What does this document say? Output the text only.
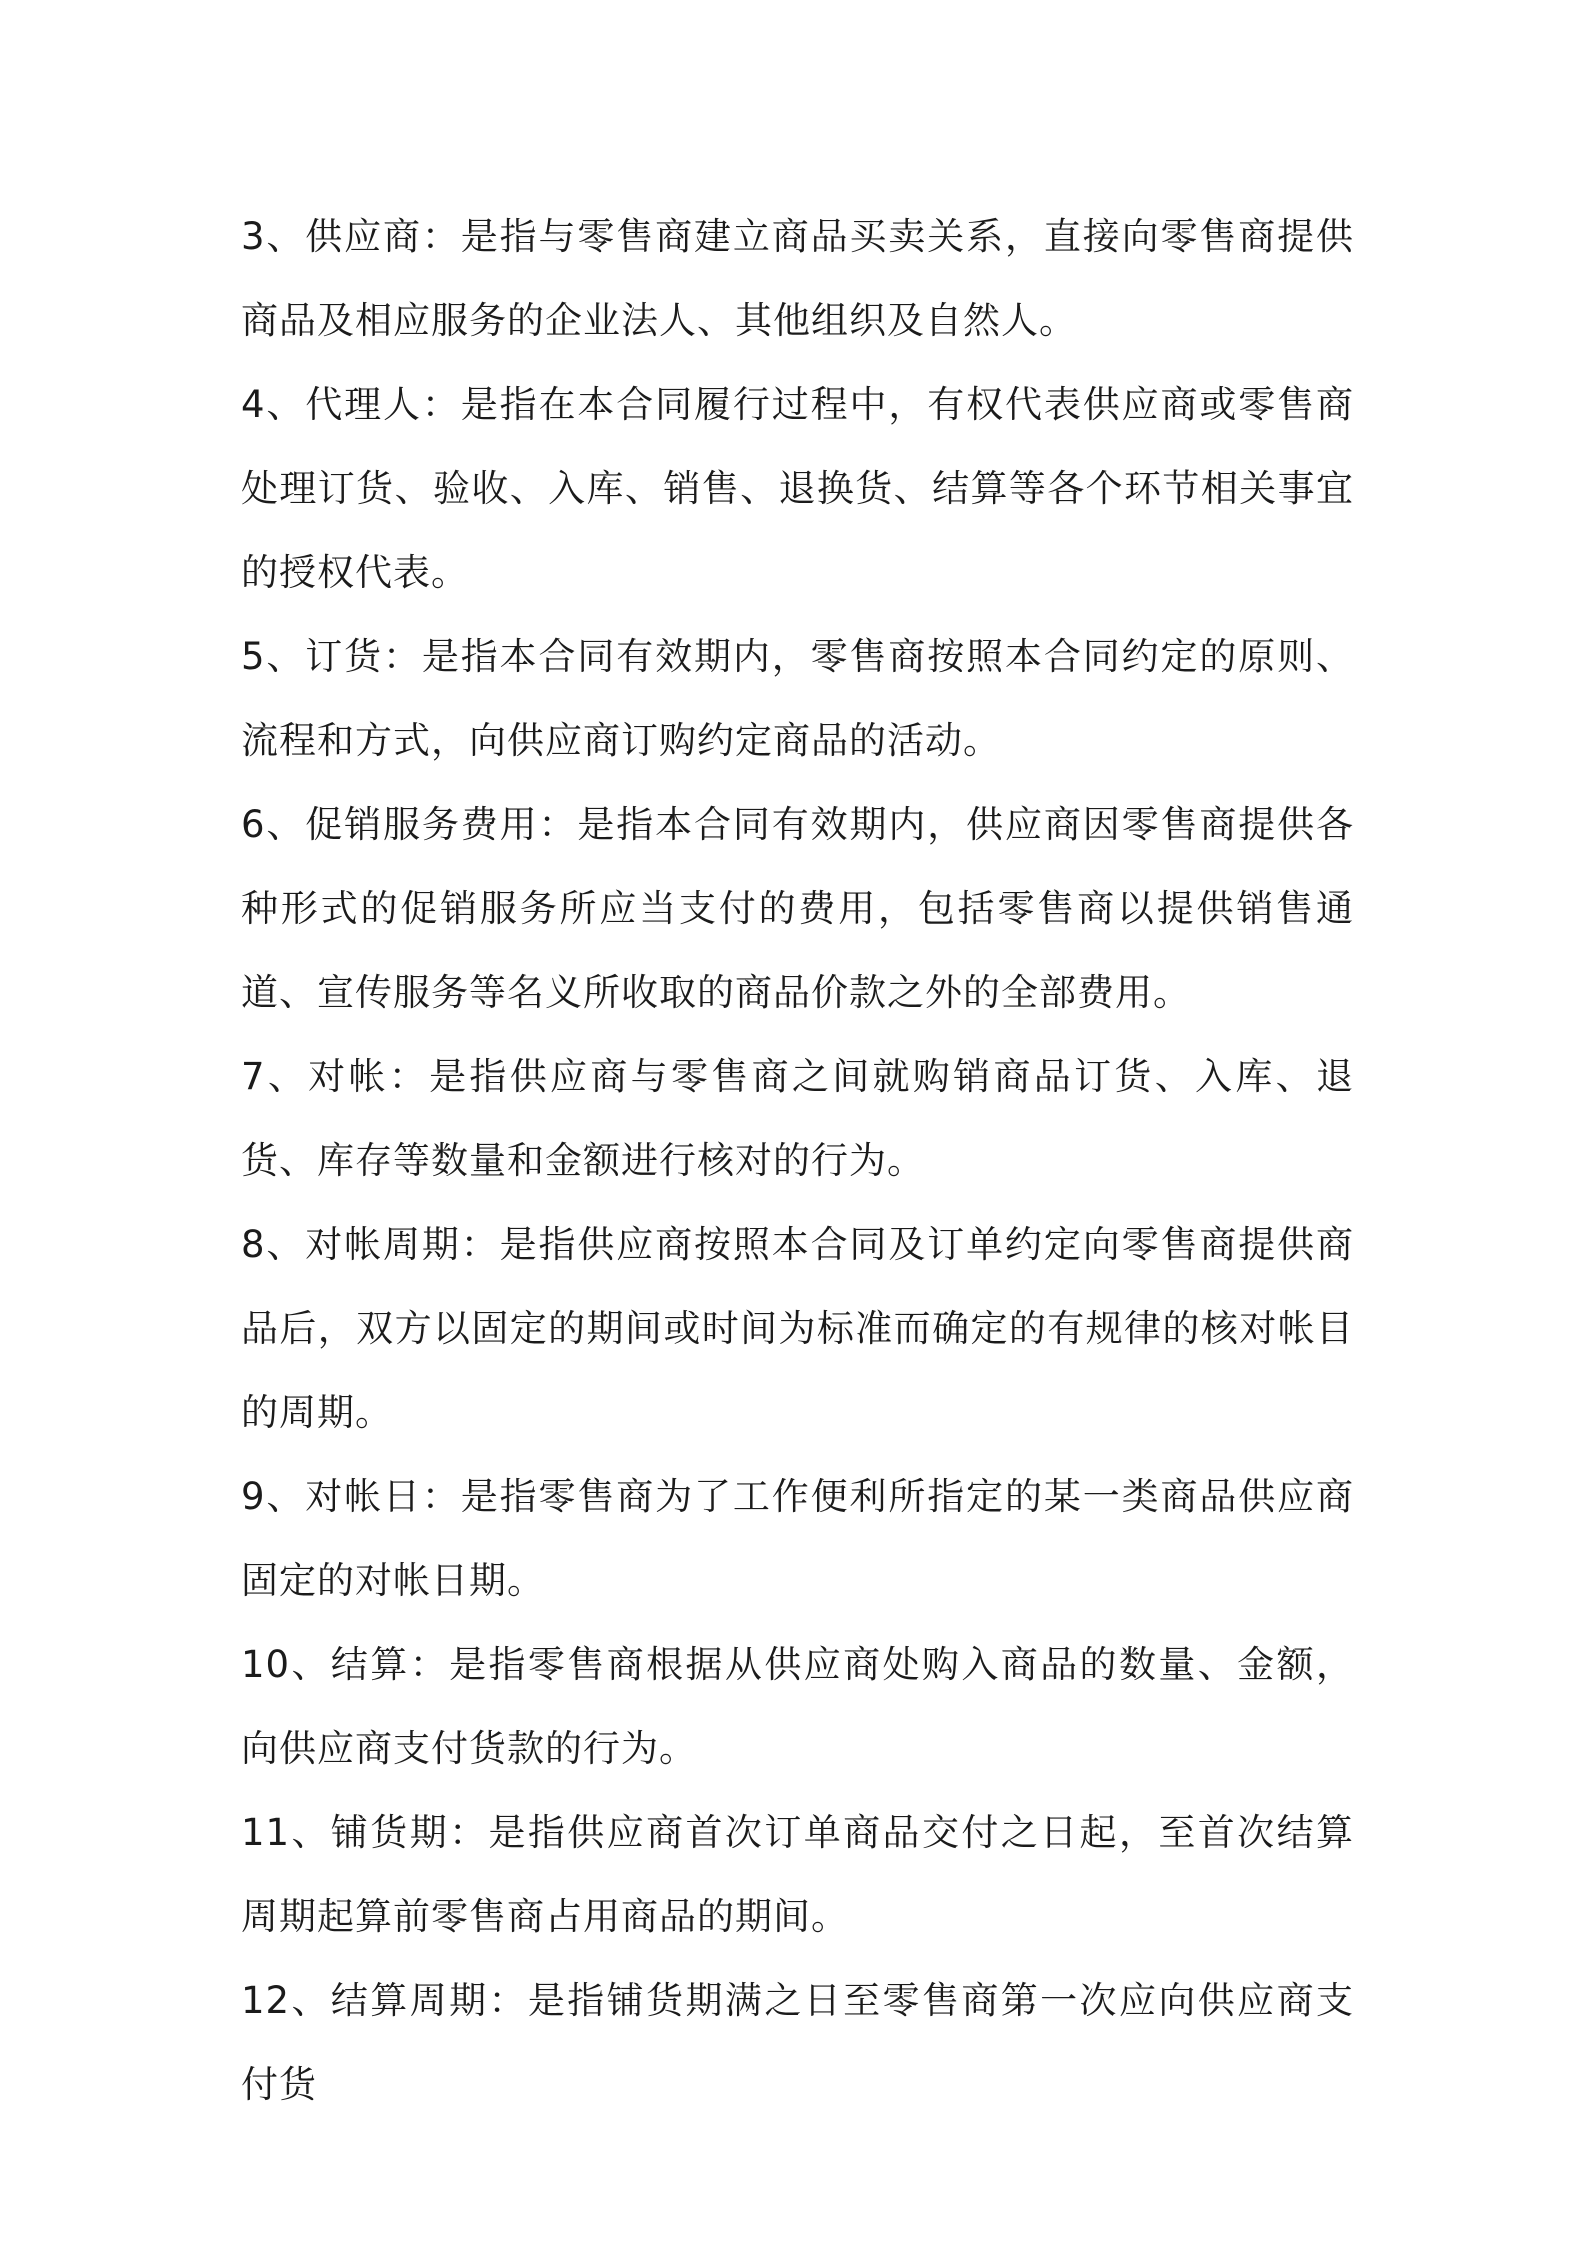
3、供应商：是指与零售商建立商品买卖关系，直接向零售商提供商品及相应服务的企业法人、其他组织及自然人。

4、代理人：是指在本合同履行过程中，有权代表供应商或零售商处理订货、验收、入库、销售、退换货、结算等各个环节相关事宜的授权代表。

5、订货：是指本合同有效期内，零售商按照本合同约定的原则、流程和方式，向供应商订购约定商品的活动。

6、促销服务费用：是指本合同有效期内，供应商因零售商提供各种形式的促销服务所应当支付的费用，包括零售商以提供销售通道、宣传服务等名义所收取的商品价款之外的全部费用。

7、对帐：是指供应商与零售商之间就购销商品订货、入库、退货、库存等数量和金额进行核对的行为。

8、对帐周期：是指供应商按照本合同及订单约定向零售商提供商品后，双方以固定的期间或时间为标准而确定的有规律的核对帐目的周期。

9、对帐日：是指零售商为了工作便利所指定的某一类商品供应商固定的对帐日期。

10、结算：是指零售商根据从供应商处购入商品的数量、金额，向供应商支付货款的行为。

11、铺货期：是指供应商首次订单商品交付之日起，至首次结算周期起算前零售商占用商品的期间。

12、结算周期：是指铺货期满之日至零售商第一次应向供应商支付货
